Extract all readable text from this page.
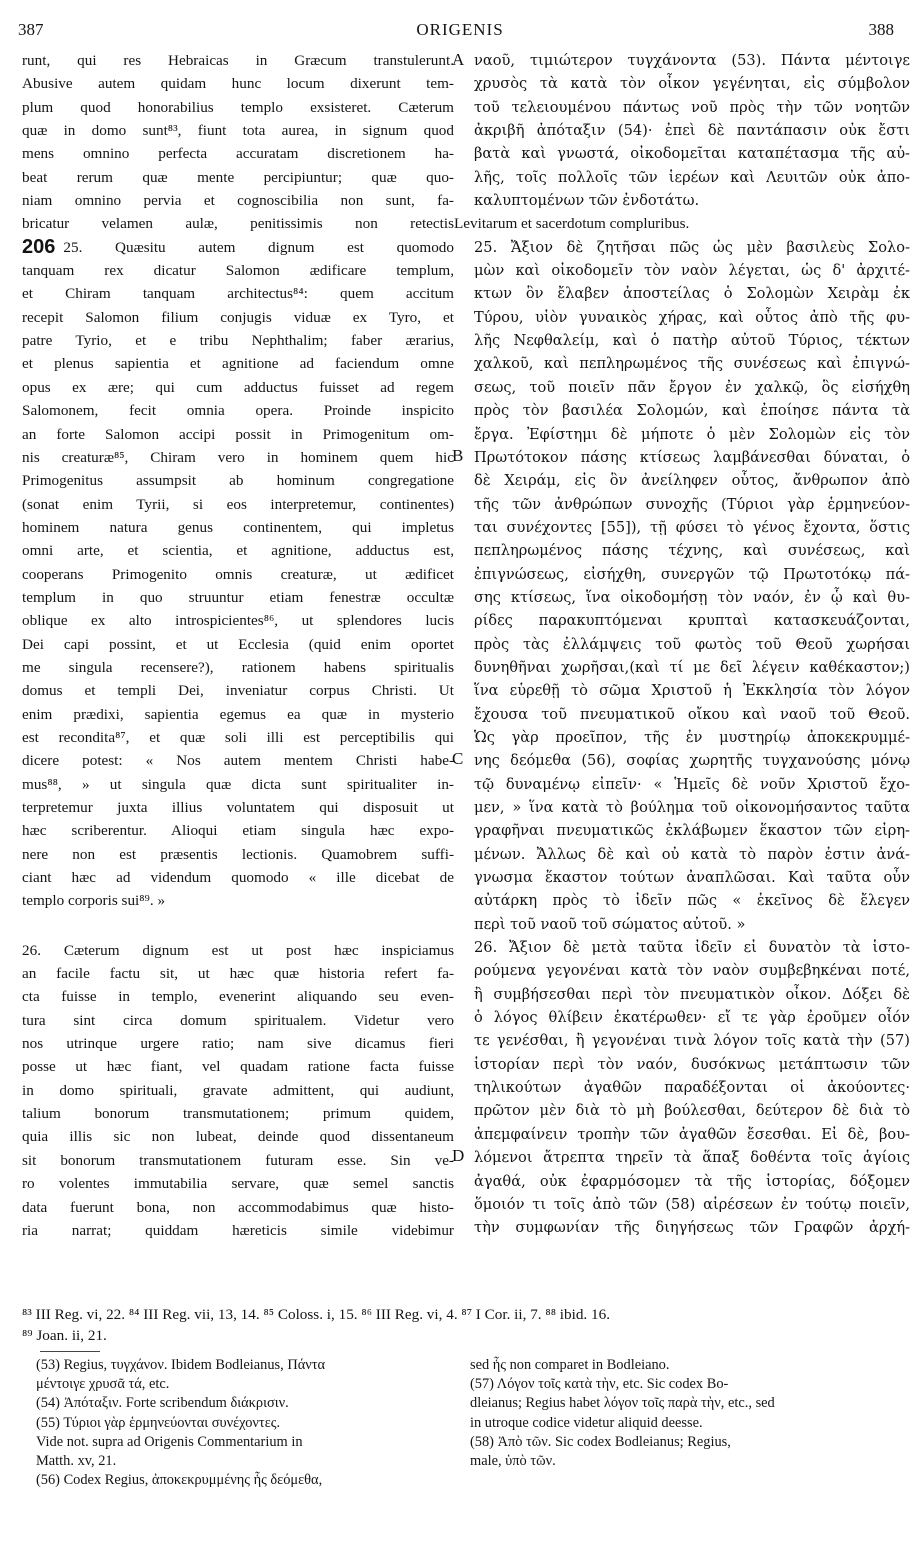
387	ORIGENIS	388
runt, qui res Hebraicas in Græcum transtulerunt.
Abusive autem quidam hunc locum dixerunt tem-
plum quod honorabilius templo exsisteret. Cæterum
quæ in domo sunt⁸³, fiunt tota aurea, in signum quod
mens omnino perfecta accuratam discretionem ha-
beat rerum quæ mente percipiuntur; quæ quo-
niam omnino pervia et cognoscibilia non sunt, fa-
bricatur velamen aulæ, penitissimis non retectis
206 25. Quæsitu autem dignum est quomodo
tanquam rex dicatur Salomon ædificare templum,
et Chiram tanquam architectus⁸⁴: quem accitum
recepit Salomon filium conjugis viduæ ex Tyro, et
patre Tyrio, et e tribu Nephthalim; faber ærarius,
et plenus sapientia et agnitione ad faciendum omne
opus ex ære; qui cum adductus fuisset ad regem
Salomonem, fecit omnia opera. Proinde inspicito
an forte Salomon accipi possit in Primogenitum om-
nis creaturæ⁸⁵, Chiram vero in hominem quem hic
Primogenitus assumpsit ab hominum congregatione
(sonat enim Tyrii, si eos interpretemur, continentes)
hominem natura genus continentem, qui impletus
omni arte, et scientia, et agnitione, adductus est,
cooperans Primogenito omnis creaturæ, ut ædificet
templum in quo struuntur etiam fenestræ occultæ
oblique ex alto introspicientes⁸⁶, ut splendores lucis
Dei capi possint, et ut Ecclesia (quid enim oportet
me singula recensere?), rationem habens spiritualis
domus et templi Dei, inveniatur corpus Christi. Ut
enim prædixi, sapientia egemus ea quæ in mysterio
est recondita⁸⁷, et quæ soli illi est perceptibilis qui
dicere potest: « Nos autem mentem Christi habe-
mus⁸⁸, » ut singula quæ dicta sunt spiritualiter in-
terpretemur juxta illius voluntatem qui disposuit ut
hæc scriberentur. Alioqui etiam singula hæc expo-
nere non est præsentis lectionis. Quamobrem suffi-
ciant hæc ad videndum quomodo « ille dicebat de
templo corporis sui⁸⁹. »
26. Cæterum dignum est ut post hæc inspiciamus
an facile factu sit, ut hæc quæ historia refert fa-
cta fuisse in templo, evenerint aliquando seu even-
tura sint circa domum spiritualem. Videtur vero
nos utrinque urgere ratio; nam sive dicamus fieri
posse ut hæc fiant, vel quadam ratione facta fuisse
in domo spirituali, gravate admittent, qui audiunt,
talium bonorum transmutationem; primum quidem,
quia illis sic non lubeat, deinde quod dissentaneum
sit bonorum transmutationem futuram esse. Sin ve-
ro volentes immutabilia servare, quæ semel sanctis
data fuerunt bona, non accommodabimus quæ histo-
ria narrat; quiddam hæreticis simile videbimur
A
B
C
D
ναοῦ, τιμιώτερον τυγχάνοντα (53). Πάντα μέντοιγε
χρυσὸς τὰ κατὰ τὸν οἶκον γεγένηται, εἰς σύμβολον
τοῦ τελειουμένου πάντως νοῦ πρὸς τὴν τῶν νοητῶν
ἀκριβῆ ἀπόταξιν (54)· ἐπεὶ δὲ παντάπασιν οὐκ ἔστι
βατὰ καὶ γνωστά, οἰκοδομεῖται καταπέτασμα τῆς αὐ-
λῆς, τοῖς πολλοῖς τῶν ἱερέων καὶ Λευιτῶν οὐκ ἀπο-
καλυπτομένων τῶν ἐνδοτάτω.
Levitarum et sacerdotum compluribus.
25. Ἄξιον δὲ ζητῆσαι πῶς ὡς μὲν βασιλεὺς Σολο-
μὼν καὶ οἰκοδομεῖν τὸν ναὸν λέγεται, ὡς δ' ἀρχιτέ-
κτων ὃν ἔλαβεν ἀποστείλας ὁ Σολομὼν Χειρὰμ ἐκ
Τύρου, υἱὸν γυναικὸς χήρας, καὶ οὗτος ἀπὸ τῆς φυ-
λῆς Νεφθαλείμ, καὶ ὁ πατὴρ αὐτοῦ Τύριος, τέκτων
χαλκοῦ, καὶ πεπληρωμένος τῆς συνέσεως καὶ ἐπιγνώ-
σεως, τοῦ ποιεῖν πᾶν ἔργον ἐν χαλκῷ, ὃς εἰσήχθη
πρὸς τὸν βασιλέα Σολομών, καὶ ἐποίησε πάντα τὰ
ἔργα. Ἐφίστημι δὲ μήποτε ὁ μὲν Σολομὼν εἰς τὸν
Πρωτότοκον πάσης κτίσεως λαμβάνεσθαι δύναται, ὁ
δὲ Χειράμ, εἰς ὃν ἀνείληφεν οὗτος, ἄνθρωπον ἀπὸ
τῆς τῶν ἀνθρώπων συνοχῆς (Τύριοι γὰρ ἑρμηνεύον-
ται συνέχοντες [55]), τῇ φύσει τὸ γένος ἔχοντα, ὅστις
πεπληρωμένος πάσης τέχνης, καὶ συνέσεως, καὶ
ἐπιγνώσεως, εἰσήχθη, συνεργῶν τῷ Πρωτοτόκῳ πά-
σης κτίσεως, ἵνα οἰκοδομήσῃ τὸν ναόν, ἐν ᾧ καὶ θυ-
ρίδες παρακυπτόμεναι κρυπταὶ κατασκευάζονται,
πρὸς τὰς ἐλλάμψεις τοῦ φωτὸς τοῦ Θεοῦ χωρήσαι
δυνηθῆναι χωρῆσαι,(καὶ τί με δεῖ λέγειν καθέκαστον;)
ἵνα εὑρεθῇ τὸ σῶμα Χριστοῦ ἡ Ἐκκλησία τὸν λόγον
ἔχουσα τοῦ πνευματικοῦ οἴκου καὶ ναοῦ τοῦ Θεοῦ.
Ὡς γὰρ προεῖπον, τῆς ἐν μυστηρίῳ ἀποκεκρυμμέ-
νης δεόμεθα (56), σοφίας χωρητῆς τυγχανούσης μόνῳ
τῷ δυναμένῳ εἰπεῖν· « Ἡμεῖς δὲ νοῦν Χριστοῦ ἔχο-
μεν, » ἵνα κατὰ τὸ βούλημα τοῦ οἰκονομήσαντος ταῦτα
γραφῆναι πνευματικῶς ἐκλάβωμεν ἕκαστον τῶν εἰρη-
μένων. Ἄλλως δὲ καὶ οὐ κατὰ τὸ παρὸν ἐστιν ἀνά-
γνωσμα ἕκαστον τούτων ἀναπλῶσαι. Καὶ ταῦτα οὖν
αὐτάρκη πρὸς τὸ ἰδεῖν πῶς « ἐκεῖνος δὲ ἔλεγεν
περὶ τοῦ ναοῦ τοῦ σώματος αὐτοῦ. »
26. Ἄξιον δὲ μετὰ ταῦτα ἰδεῖν εἰ δυνατὸν τὰ ἱστο-
ρούμενα γεγονέναι κατὰ τὸν ναὸν συμβεβηκέναι ποτέ,
ἢ συμβήσεσθαι περὶ τὸν πνευματικὸν οἶκον. Δόξει δὲ
ὁ λόγος θλίβειν ἑκατέρωθεν· εἴ τε γὰρ ἐροῦμεν οἷόν
τε γενέσθαι, ἢ γεγονέναι τινὰ λόγον τοῖς κατὰ τὴν (57)
ἱστορίαν περὶ τὸν ναόν, δυσόκνως μετάπτωσιν τῶν
τηλικούτων ἀγαθῶν παραδέξονται οἱ ἀκούοντες·
πρῶτον μὲν διὰ τὸ μὴ βούλεσθαι, δεύτερον δὲ διὰ τὸ
ἀπεμφαίνειν τροπὴν τῶν ἀγαθῶν ἔσεσθαι. Εἰ δὲ, βου-
λόμενοι ἄτρεπτα τηρεῖν τὰ ἅπαξ δοθέντα τοῖς ἁγίοις
ἀγαθά, οὐκ ἐφαρμόσομεν τὰ τῆς ἱστορίας, δόξομεν
ὅμοιόν τι τοῖς ἀπὸ τῶν (58) αἱρέσεων ἐν τούτῳ ποιεῖν,
τὴν συμφωνίαν τῆς διηγήσεως τῶν Γραφῶν ἀρχή-
⁸³ III Reg. vi, 22. ⁸⁴ III Reg. vii, 13, 14. ⁸⁵ Coloss. i, 15. ⁸⁶ III Reg. vi, 4. ⁸⁷ I Cor. ii, 7. ⁸⁸ ibid. 16.
⁸⁹ Joan. ii, 21.
(53) Regius, τυγχάνον. Ibidem Bodleianus, Πάντα
μέντοιγε χρυσᾶ τά, etc.
(54) Ἀπόταξιν. Forte scribendum διάκρισιν.
(55) Τύριοι γὰρ ἑρμηνεύονται συνέχοντες.
Vide not. supra ad Origenis Commentarium in
Matth. xv, 21.
(56) Codex Regius, ἀποκεκρυμμένης ἧς δεόμεθα,
sed ἧς non comparet in Bodleiano.
(57) Λόγον τοῖς κατὰ τὴν, etc. Sic codex Bo-
dleianus; Regius habet λόγον τοῖς παρὰ τὴν, etc., sed
in utroque codice videtur aliquid deesse.
(58) Ἀπὸ τῶν. Sic codex Bodleianus; Regius,
male, ὑπὸ τῶν.
